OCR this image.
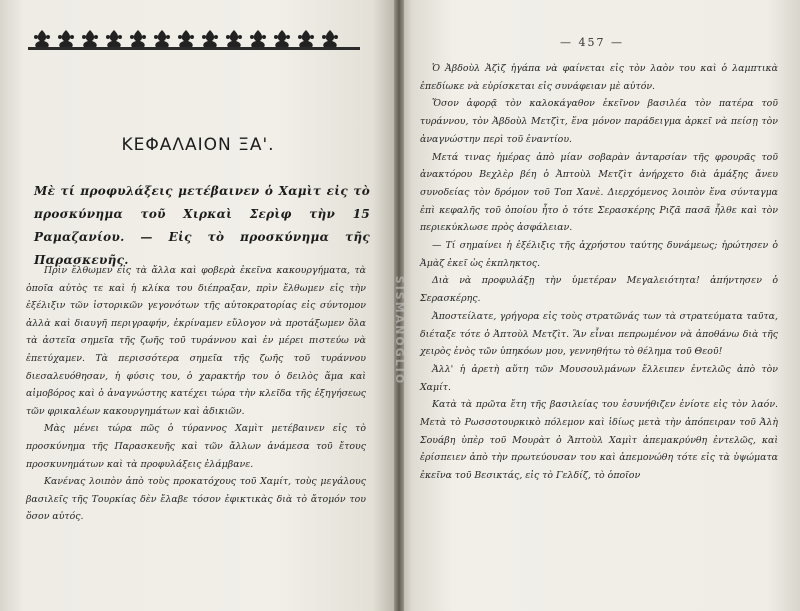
ΚΕΦΑΛΑΙΟΝ ΞΑ'.
Μὲ τί προφυλάξεις μετέβαινεν ὁ Χαμὶτ εἰς τὸ προσκύνημα τοῦ Χιρκαὶ Σερὶφ τὴν 15 Ραμαζανίου. — Εἰς τὸ προσκύνημα τῆς Παρασκευῆς.

Πρὶν ἔλθωμεν εἰς τὰ ἄλλα καὶ φοβερὰ ἐκεῖνα κακουργήματα, τὰ ὁποῖα αὐτὸς τε καὶ ἡ κλίκα του διέπραξαν, πρὶν ἔλθωμεν εἰς τὴν ἐξέλιξιν τῶν ἱστορικῶν γεγονότων τῆς αὐτοκρατορίας εἰς σύντομον ἀλλὰ καὶ διαυγῆ περιγραφήν, ἐκρίναμεν εὔλογον νὰ προτάξωμεν ὅλα τὰ ἀστεῖα σημεῖα τῆς ζωῆς τοῦ τυράννου καὶ ἐν μέρει πιστεύω νὰ ἐπετύχαμεν. Τὰ περισσότερα σημεῖα τῆς ζωῆς τοῦ τυράννου διεσαλευόθησαν, ἡ φύσις του, ὁ χαρακτήρ του ὁ δειλὸς ἅμα καὶ αἱμοβόρος καὶ ὁ ἀναγνώστης κατέχει τώρα τὴν κλεῖδα τῆς ἐξηγήσεως τῶν φρικαλέων κακουργημάτων καὶ ἀδικιῶν.

Μὰς μένει τώρα πῶς ὁ τύραννος Χαμὶτ μετέβαινεν εἰς τὸ προσκύνημα τῆς Παρασκευῆς καὶ τῶν ἄλλων ἀνάμεσα τοῦ ἔτους προσκυνημάτων καὶ τὰ προφυλάξεις ἐλάμβανε.

Κανένας λοιπὸν ἀπὸ τοὺς προκατόχους τοῦ Χαμίτ, τοὺς μεγάλους βασιλεῖς τῆς Τουρκίας δὲν ἔλαβε τόσον ἐφικτικὰς διὰ τὸ ἄτομόν του ὅσον αὐτός.

— 457 —

Ὁ Ἀβδοὺλ Ἀζὶζ ἠγάπα νὰ φαίνεται εἰς τὸν λαὸν του καὶ ὁ λαμπτικὰ ἐπεδίωκε νὰ εὑρίσκεται εἰς συνάφειαν μὲ αὐτόν.

Ὅσον ἀφορᾷ τὸν καλοκάγαθον ἐκεῖνον βασιλέα τὸν πατέρα τοῦ τυράννου, τὸν Ἀβδοὺλ Μετζὶτ, ἕνα μόνον παράδειγμα ἀρκεῖ νὰ πείσῃ τὸν ἀναγνώστην περὶ τοῦ ἐναντίου.

Μετά τινας ἡμέρας ἀπὸ μίαν σοβαρὰν ἀνταρσίαν τῆς φρουρᾶς τοῦ ἀνακτόρου Βεχλὲρ βέη ὁ Ἀπτοὺλ Μετζὶτ ἀνήρχετο διὰ ἁμάξης ἄνευ συνοδείας τὸν δρόμον τοῦ Τοπ Χανὲ. Διερχόμενος λοιπὸν ἕνα σύνταγμα ἐπὶ κεφαλῆς τοῦ ὁποίου ἦτο ὁ τότε Σερασκέρης Ριζᾶ πασᾶ ἦλθε καὶ τὸν περιεκύκλωσε πρὸς ἀσφάλειαν.

— Τί σημαίνει ἡ ἐξέλιξις τῆς ἀχρήστου ταύτης δυνάμεως; ἠρώτησεν ὁ Ἀμὰζ ἐκεῖ ὡς ἐκπληκτος.

Διὰ νὰ προφυλάξῃ τὴν ὑμετέραν Μεγαλειότητα! ἀπήντησεν ὁ Σερασκέρης.

Ἀποστείλατε, γρήγορα εἰς τοὺς στρατῶνάς των τὰ στρατεύματα ταῦτα, διέταξε τότε ὁ Ἀπτοὺλ Μετζὶτ. Ἂν εἶναι πεπρωμένον νὰ ἀποθάνω διὰ τῆς χειρὸς ἑνὸς τῶν ὑπηκόων μου, γεννηθήτω τὸ θέλημα τοῦ Θεοῦ!

Ἀλλ' ἡ ἀρετὴ αὕτη τῶν Μουσουλμάνων ἔλλειπεν ἐντελῶς ἀπὸ τὸν Χαμίτ.

Κατὰ τὰ πρῶτα ἔτη τῆς βασιλείας του ἐσυνήθιζεν ἐνίοτε εἰς τὸν λαόν. Μετὰ τὸ Ρωσσοτουρκικὸ πόλεμον καὶ ἰδίως μετὰ τὴν ἀπόπειραν τοῦ Ἀλὴ Σουάβη ὑπὲρ τοῦ Μουρὰτ ὁ Ἀπτοὺλ Χαμὶτ ἀπεμακρύνθη ἐντελῶς, καὶ ἐρίσπειεν ἀπὸ τὴν πρωτεύουσαν του καὶ ἀπεμονώθη τότε εἰς τὰ ὑψώματα ἐκεῖνα τοῦ Βεσικτάς, εἰς τὸ Γελδίζ, τὸ ὁποῖον

SISMANOGLIO
